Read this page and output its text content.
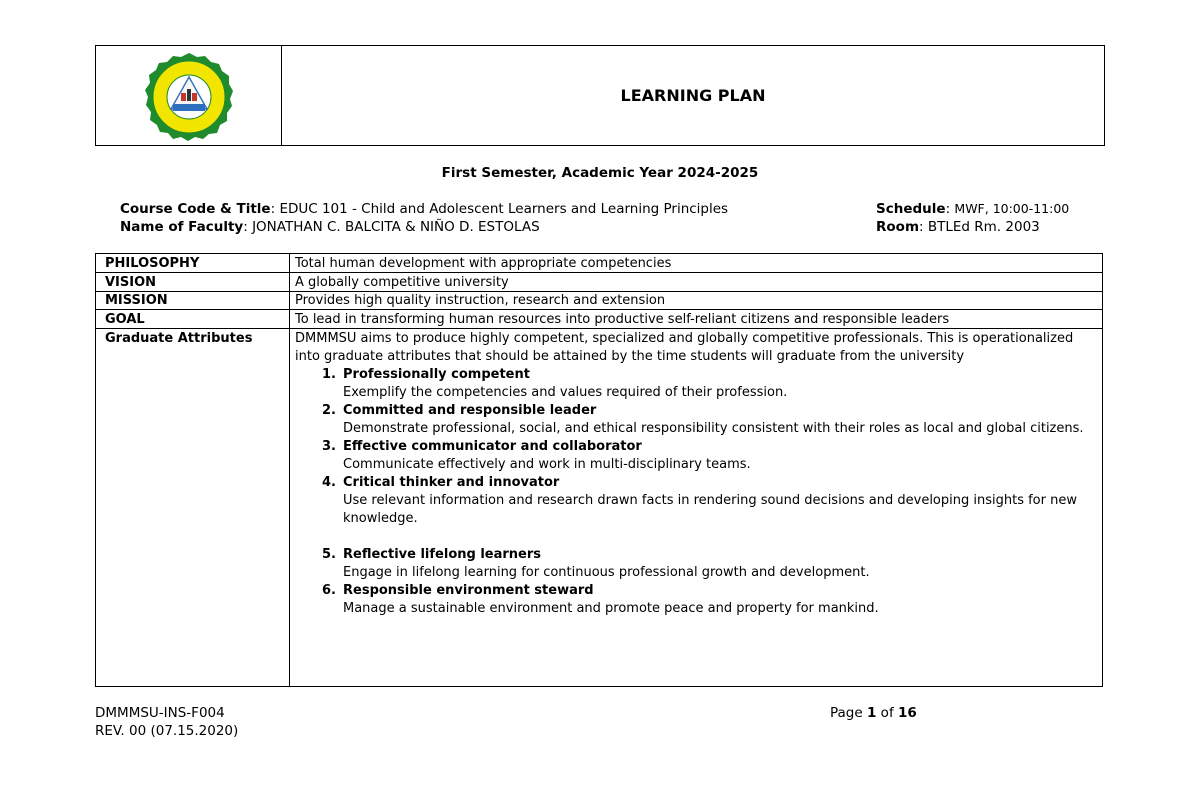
LEARNING PLAN
First Semester, Academic Year 2024-2025
Course Code & Title: EDUC 101 - Child and Adolescent Learners and Learning Principles
Name of Faculty: JONATHAN C. BALCITA & NIÑO D. ESTOLAS
Schedule: MWF, 10:00-11:00
Room: BTLEd Rm. 2003
PHILOSOPHY	Total human development with appropriate competencies
VISION	A globally competitive university
MISSION	Provides high quality instruction, research and extension
GOAL	To lead in transforming human resources into productive self-reliant citizens and responsible leaders
Graduate Attributes	DMMMSU aims to produce highly competent, specialized and globally competitive professionals. This is operationalized into graduate attributes that should be attained by the time students will graduate from the university
1. Professionally competent
Exemplify the competencies and values required of their profession.
2. Committed and responsible leader
Demonstrate professional, social, and ethical responsibility consistent with their roles as local and global citizens.
3. Effective communicator and collaborator
Communicate effectively and work in multi-disciplinary teams.
4. Critical thinker and innovator
Use relevant information and research drawn facts in rendering sound decisions and developing insights for new knowledge.
5. Reflective lifelong learners
Engage in lifelong learning for continuous professional growth and development.
6. Responsible environment steward
Manage a sustainable environment and promote peace and property for mankind.
DMMMSU-INS-F004
REV. 00 (07.15.2020)
Page 1 of 16
